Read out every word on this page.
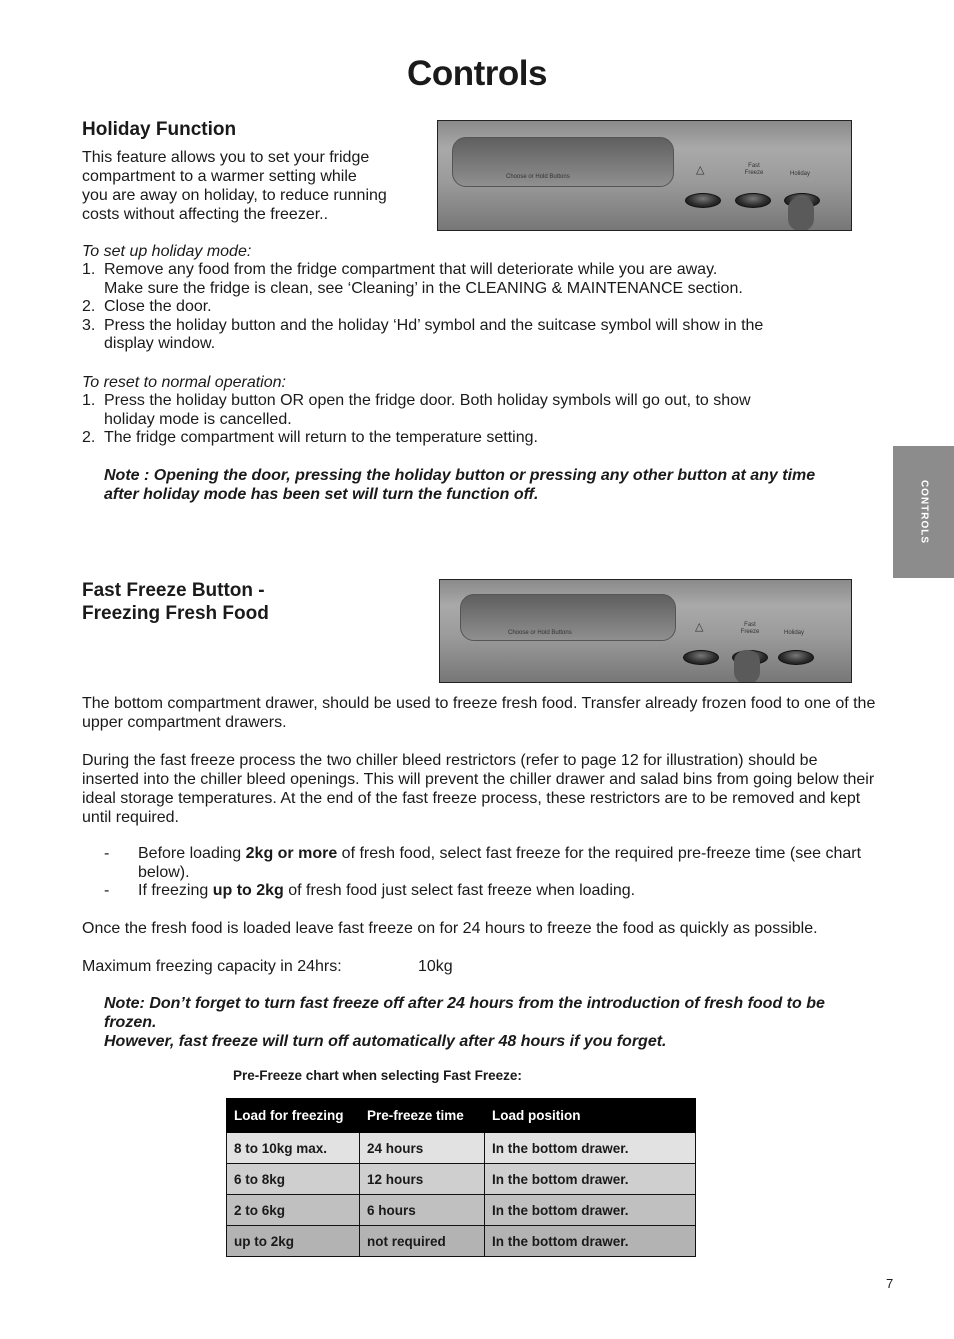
Controls
CONTROLS
Holiday Function
This feature allows you to set your fridge
compartment to a warmer setting while
you are away on holiday, to reduce running
costs without affecting the freezer..
Choose or Hold Buttons
△	Fast Freeze	Holiday
To set up holiday mode:
1. Remove any food from the fridge compartment that will deteriorate while you are away.
Make sure the fridge is clean, see ‘Cleaning’ in the CLEANING & MAINTENANCE section.
2. Close the door.
3. Press the holiday button and the holiday ‘Hd’ symbol and the suitcase symbol will show in the
display window.
To reset to normal operation:
1. Press the holiday button OR open the fridge door. Both holiday symbols will go out, to show
holiday mode is cancelled.
2. The fridge compartment will return to the temperature setting.
Note : Opening the door, pressing the holiday button or pressing any other button at any time
after holiday mode has been set will turn the function off.
Fast Freeze Button -
Freezing Fresh Food
Choose or Hold Buttons	△	Fast Freeze	Holiday
The bottom compartment drawer, should be used to freeze fresh food. Transfer already frozen food to one of the upper compartment drawers.
During the fast freeze process the two chiller bleed restrictors (refer to page 12 for illustration) should be inserted into the chiller bleed openings. This will prevent the chiller drawer and salad bins from going below their ideal storage temperatures. At the end of the fast freeze process, these restrictors are to be removed and kept until required.
- Before loading 2kg or more of fresh food, select fast freeze for the required pre-freeze time (see chart below).
- If freezing up to 2kg of fresh food just select fast freeze when loading.
Once the fresh food is loaded leave fast freeze on for 24 hours to freeze the food as quickly as possible.
Maximum freezing capacity in 24hrs:	10kg
Note: Don’t forget to turn fast freeze off after 24 hours from the introduction of fresh food to be
frozen.
However, fast freeze will turn off automatically after 48 hours if you forget.
Pre-Freeze chart when selecting Fast Freeze:
Load for freezing	Pre-freeze time	Load position
8 to 10kg max.	24 hours	In the bottom drawer.
6 to 8kg	12 hours	In the bottom drawer.
2 to 6kg	6 hours	In the bottom drawer.
up to 2kg	not required	In the bottom drawer.
7
